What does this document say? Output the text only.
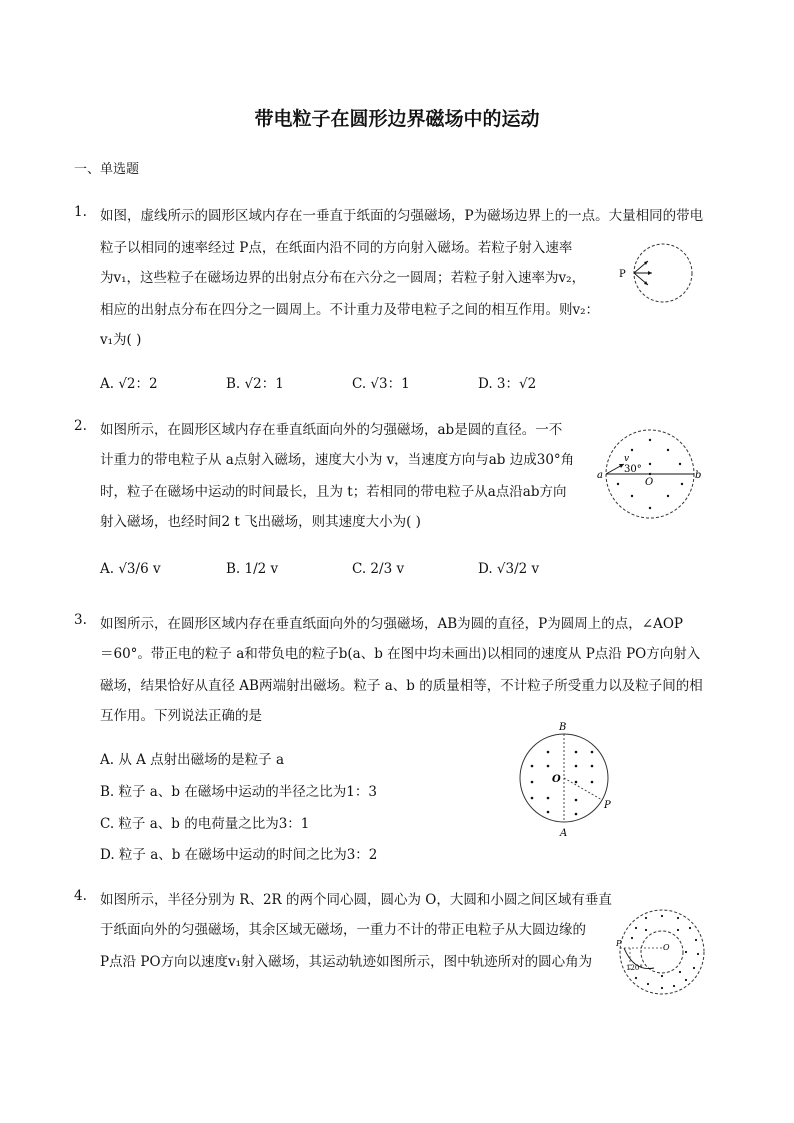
带电粒子在圆形边界磁场中的运动
一、单选题
1. 如图，虚线所示的圆形区域内存在一垂直于纸面的匀强磁场，P为磁场边界上的一点。大量相同的带电
粒子以相同的速率经过 P点，在纸面内沿不同的方向射入磁场。若粒子射入速率
为v₁，这些粒子在磁场边界的出射点分布在六分之一圆周；若粒子射入速率为v₂，
相应的出射点分布在四分之一圆周上。不计重力及带电粒子之间的相互作用。则v₂：
v₁为( )
A. √2：2	B. √2：1	C. √3：1	D. 3：√2
P
2. 如图所示，在圆形区域内存在垂直纸面向外的匀强磁场，ab是圆的直径。一不
计重力的带电粒子从 a点射入磁场，速度大小为 v，当速度方向与ab 边成30°角
时，粒子在磁场中运动的时间最长，且为 t；若相同的带电粒子从a点沿ab方向
射入磁场，也经时间2 t 飞出磁场，则其速度大小为( )
A. √3/6 v	B. 1/2 v	C. 2/3 v	D. √3/2 v
a	b
v
30°
O
3. 如图所示，在圆形区域内存在垂直纸面向外的匀强磁场，AB为圆的直径，P为圆周上的点，∠AOP
＝60°。带正电的粒子 a和带负电的粒子b(a、b 在图中均未画出)以相同的速度从 P点沿 PO方向射入
磁场，结果恰好从直径 AB两端射出磁场。粒子 a、b 的质量相等，不计粒子所受重力以及粒子间的相
互作用。下列说法正确的是
A. 从 A 点射出磁场的是粒子 a
B. 粒子 a、b 在磁场中运动的半径之比为1：3
C. 粒子 a、b 的电荷量之比为3：1
D. 粒子 a、b 在磁场中运动的时间之比为3：2
B
O
P
A
4. 如图所示，半径分别为 R、2R 的两个同心圆，圆心为 O，大圆和小圆之间区域有垂直
于纸面向外的匀强磁场，其余区域无磁场，一重力不计的带正电粒子从大圆边缘的
P点沿 PO方向以速度v₁射入磁场，其运动轨迹如图所示，图中轨迹所对的圆心角为
P	O
120°
